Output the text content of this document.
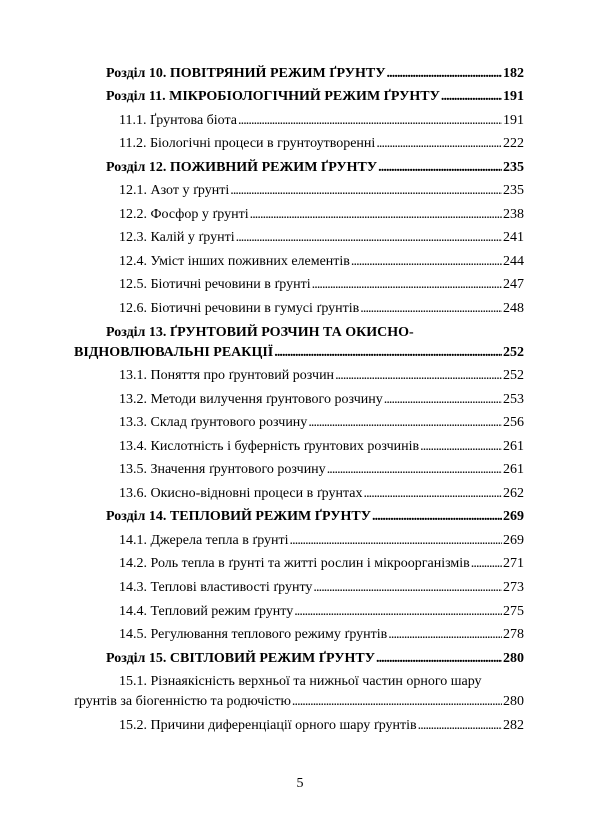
Розділ 10. ПОВІТРЯНИЙ РЕЖИМ ҐРУНТУ . . .	182
Розділ 11. МІКРОБІОЛОГІЧНИЙ РЕЖИМ ҐРУНТУ . . .	191
11.1. Ґрунтова біота . . .	191
11.2. Біологічні процеси в грунтоутворенні . . .	222
Розділ 12. ПОЖИВНИЙ РЕЖИМ ҐРУНТУ . . .	235
12.1. Азот у ґрунті . . .	235
12.2. Фосфор у ґрунті . . .	238
12.3. Калій у ґрунті . . .	241
12.4. Уміст інших поживних елементів . . .	244
12.5. Біотичні речовини в ґрунті . . .	247
12.6. Біотичні речовини в гумусі ґрунтів . . .	248
Розділ 13. ҐРУНТОВИЙ РОЗЧИН ТА ОКИСНО-
ВІДНОВЛЮВАЛЬНІ РЕАКЦІЇ . . .	252
13.1. Поняття про ґрунтовий розчин . . .	252
13.2. Методи вилучення ґрунтового розчину . . .	253
13.3. Склад ґрунтового розчину . . .	256
13.4. Кислотність і буферність ґрунтових розчинів . . .	261
13.5. Значення ґрунтового розчину . . .	261
13.6. Окисно-відновні процеси в ґрунтах . . .	262
Розділ 14. ТЕПЛОВИЙ РЕЖИМ ҐРУНТУ . . .	269
14.1. Джерела тепла в ґрунті . . .	269
14.2. Роль тепла в ґрунті та житті рослин і мікроорганізмів . . . 271
14.3. Теплові властивості ґрунту . . .	273
14.4. Тепловий режим ґрунту . . .	275
14.5. Регулювання теплового режиму ґрунтів . . .	278
Розділ 15. СВІТЛОВИЙ РЕЖИМ ҐРУНТУ . . .	280
15.1. Різнаякісність верхньої та нижньої частин орного шару
ґрунтів за біогенністю та родючістю . . .	280
15.2. Причини диференціації орного шару ґрунтів . . .	282
5
